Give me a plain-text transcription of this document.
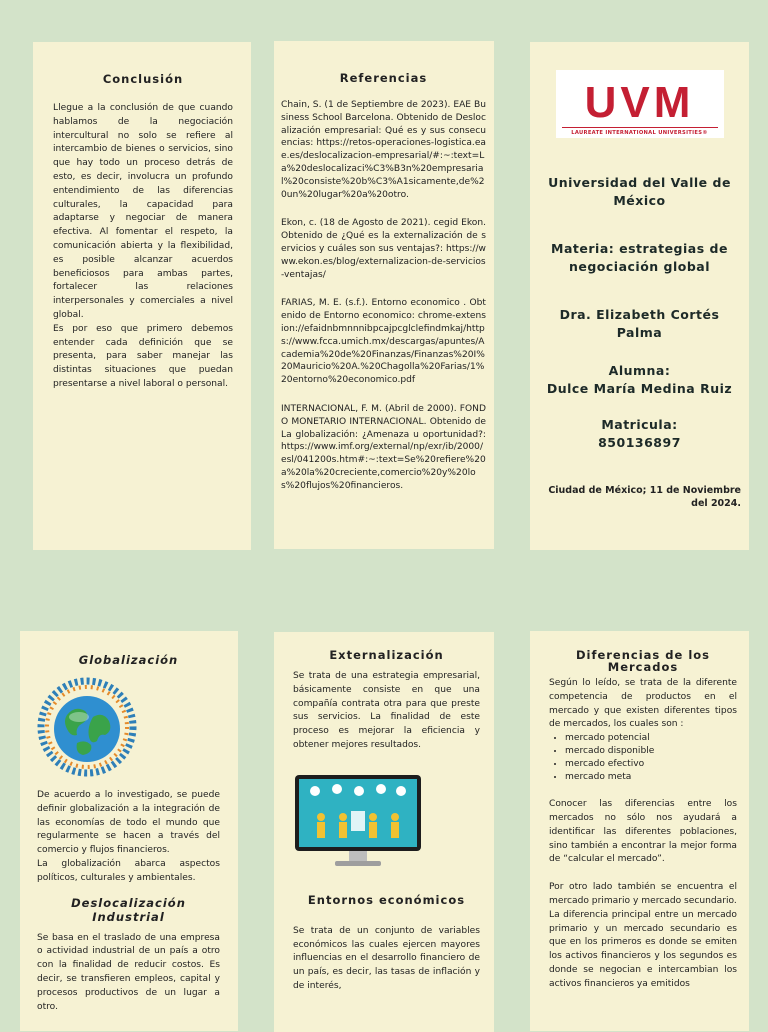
Conclusión

Llegue a la conclusión de que cuando hablamos de la negociación intercultural no solo se refiere al intercambio de bienes o servicios, sino que hay todo un proceso detrás de esto, es decir, involucra un profundo entendimiento de las diferencias culturales, la capacidad para adaptarse y negociar de manera efectiva. Al fomentar el respeto, la comunicación abierta y la flexibilidad, es posible alcanzar acuerdos beneficiosos para ambas partes, fortalecer las relaciones interpersonales y comerciales a nivel global.

Es por eso que primero debemos entender cada definición que se presenta, para saber manejar las distintas situaciones que puedan presentarse a nivel laboral o personal.

Referencias

Chain, S. (1 de Septiembre de 2023). EAE Business School Barcelona. Obtenido de Deslocalización empresarial: Qué es y sus consecuencias: https://retos-operaciones-logistica.eae.es/deslocalizacion-empresarial/#:~:text=La%20deslocalizaci%C3%B3n%20empresarial%20consiste%20b%C3%A1sicamente,de%20un%20lugar%20a%20otro.

Ekon, c. (18 de Agosto de 2021). cegid Ekon. Obtenido de ¿Qué es la externalización de servicios y cuáles son sus ventajas?: https://www.ekon.es/blog/externalizacion-de-servicios-ventajas/

FARIAS, M. E. (s.f.). Entorno economico . Obtenido de Entorno economico: chrome-extension://efaidnbmnnnibpcajpcglclefindmkaj/https://www.fcca.umich.mx/descargas/apuntes/Academia%20de%20Finanzas/Finanzas%20I%20Mauricio%20A.%20Chagolla%20Farias/1%20entorno%20economico.pdf

INTERNACIONAL, F. M. (Abril de 2000). FONDO MONETARIO INTERNACIONAL. Obtenido de La globalización: ¿Amenaza u oportunidad?: https://www.imf.org/external/np/exr/ib/2000/esl/041200s.htm#:~:text=Se%20refiere%20a%20la%20creciente,comercio%20y%20los%20flujos%20financieros.

UVM
LAUREATE INTERNATIONAL UNIVERSITIES®
Universidad del Valle de México
Materia: estrategias de negociación global
Dra. Elizabeth Cortés Palma
Alumna:
Dulce María Medina Ruiz
Matricula:
850136897
Ciudad de México; 11 de Noviembre del 2024.
Globalización

De acuerdo a lo investigado, se puede definir globalización a la integración de las economías de todo el mundo que regularmente se hacen a través del comercio y flujos financieros.

La globalización abarca aspectos políticos, culturales y ambientales.

Deslocalización Industrial

Se basa en el traslado de una empresa o actividad industrial de un país a otro con la finalidad de reducir costos. Es decir, se transfieren empleos, capital y procesos productivos de un lugar a otro.

Externalización

Se trata de una estrategia empresarial, básicamente consiste en que una compañía contrata otra para que preste sus servicios. La finalidad de este proceso es mejorar la eficiencia y obtener mejores resultados.

Entornos económicos

Se trata de un conjunto de variables económicos las cuales ejercen mayores influencias en el desarrollo financiero de un país, es decir, las tasas de inflación y de interés,

Diferencias de los Mercados

Según lo leído, se trata de la diferente competencia de productos en el mercado y que existen diferentes tipos de mercados, los cuales son :

• mercado potencial
• mercado disponible
• mercado efectivo
• mercado meta

Conocer las diferencias entre los mercados no sólo nos ayudará a identificar las diferentes poblaciones, sino también a encontrar la mejor forma de “calcular el mercado”.

Por otro lado también se encuentra el mercado primario y mercado secundario.

La diferencia principal entre un mercado primario y un mercado secundario es que en los primeros es donde se emiten los activos financieros y los segundos es donde se negocian e intercambian los activos financieros ya emitidos
